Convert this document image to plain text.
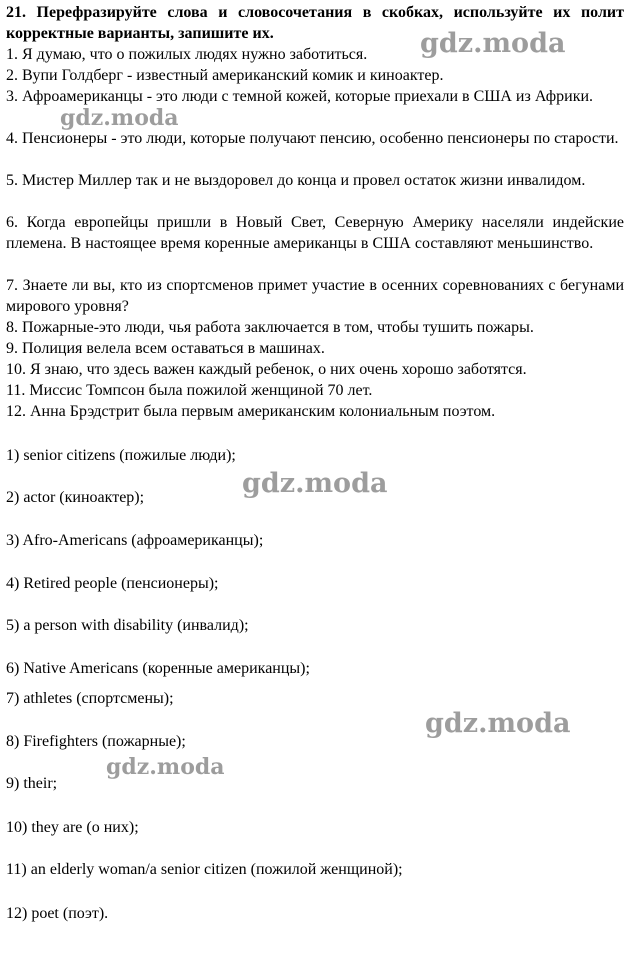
21. Перефразируйте слова и словосочетания в скобках, используйте их полит корректные варианты, запишите их.

1. Я думаю, что о пожилых людях нужно заботиться.

2. Вупи Голдберг - известный американский комик и киноактер.

3. Афроамериканцы - это люди с темной кожей, которые приехали в США из Африки.

4. Пенсионеры - это люди, которые получают пенсию, особенно пенсионеры по старости.

5. Мистер Миллер так и не выздоровел до конца и провел остаток жизни инвалидом.

6. Когда европейцы пришли в Новый Свет, Северную Америку населяли индейские племена. В настоящее время коренные американцы в США составляют меньшинство.

7. Знаете ли вы, кто из спортсменов примет участие в осенних соревнованиях с бегунами мирового уровня?

8. Пожарные-это люди, чья работа заключается в том, чтобы тушить пожары.

9. Полиция велела всем оставаться в машинах.

10. Я знаю, что здесь важен каждый ребенок, о них очень хорошо заботятся.

11. Миссис Томпсон была пожилой женщиной 70 лет.

12. Анна Брэдстрит была первым американским колониальным поэтом.

1) senior citizens (пожилые люди);

2) actor (киноактер);

3) Afro-Americans (афроамериканцы);

4) Retired people (пенсионеры);

5) a person with disability (инвалид);

6) Native Americans (коренные американцы);

7) athletes (спортсмены);

8) Firefighters (пожарные);

9) their;

10) they are (о них);

11) an elderly woman/a senior citizen (пожилой женщиной);

12) poet (поэт).

gdz.moda
gdz.moda
gdz.moda
gdz.moda
gdz.moda
